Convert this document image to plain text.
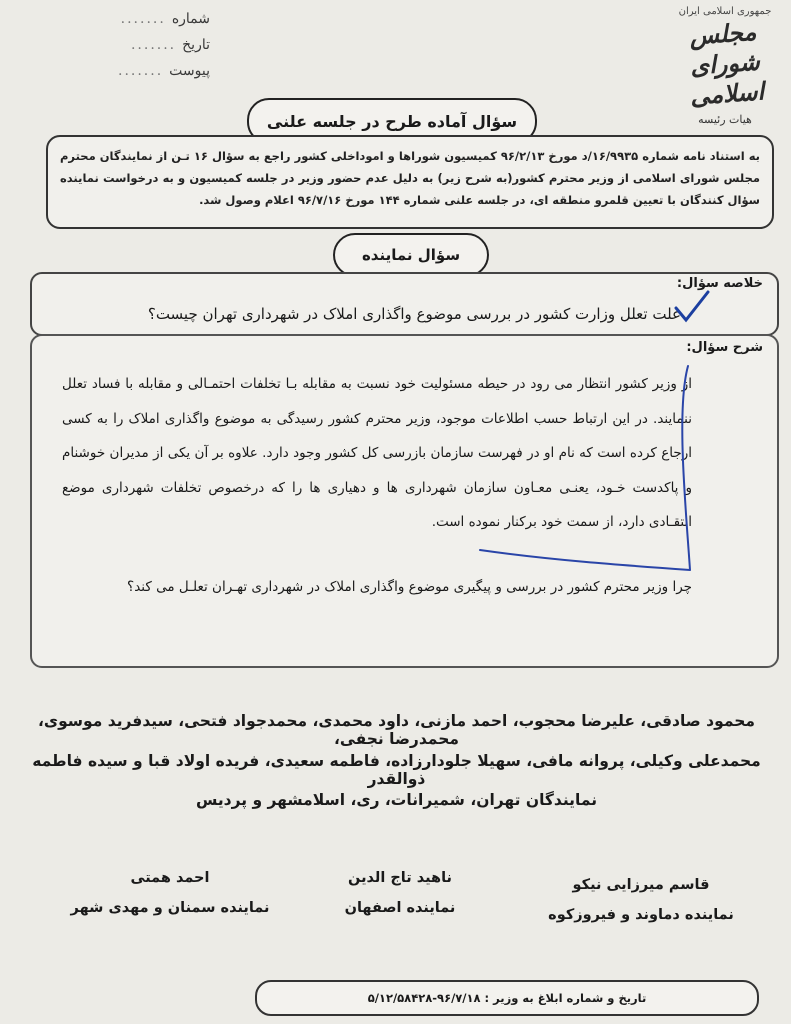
شماره
.......
تاریخ
.......
پیوست
.......
جمهوری اسلامی ایران
مجلس شورای اسلامی
هیات رئیسه
سؤال آماده طرح در جلسه علنی
به استناد نامه شماره ۱۶/۹۹۳۵/د مورخ ۹۶/۲/۱۳ کمیسیون شوراها و اموداخلی کشور راجع به سؤال ۱۶ تـن از نمایندگان محترم مجلس شورای اسلامی از وزیر محترم کشور(به شرح زیر) به دلیل عدم حضور وزیر در جلسه کمیسیون و به درخواست نماینده سؤال کنندگان با تعیین قلمرو منطقه ای، در جلسه علنی شماره ۱۴۴ مورخ ۹۶/۷/۱۶ اعلام وصول شد.
سؤال نماینده
خلاصه سؤال:
علت تعلل وزارت کشور در بررسی موضوع واگذاری املاک در شهرداری تهران چیست؟
شرح سؤال:
از وزیر کشور انتظار می رود در حیطه مسئولیت خود نسبت به مقابله بـا تخلفات احتمـالی و مقابله با فساد تعلل ننمایند. در این ارتباط حسب اطلاعات موجود، وزیر محترم کشور رسیدگی به موضوع واگذاری املاک را به کسی ارجاع کرده است که نام او در فهرست سازمان بازرسی کل کشور وجود دارد. علاوه بر آن یکی از مدیران خوشنام و پاکدست خـود، یعنـی معـاون سازمان شهرداری ها و دهیاری ها را که درخصوص تخلفات شهرداری موضع انتقـادی دارد، از سمت خود برکنار نموده است.
چرا وزیر محترم کشور در بررسی و پیگیری موضوع واگذاری املاک در شهرداری تهـران تعلـل می کند؟
محمود صادقی، علیرضا محجوب، احمد مازنی، داود محمدی، محمدجواد فتحی، سیدفرید موسوی، محمدرضا نجفی،
محمدعلی وکیلی، پروانه مافی، سهیلا جلودارزاده، فاطمه سعیدی، فریده اولاد قبا و سیده فاطمه ذوالقدر
نمایندگان تهران، شمیرانات، ری، اسلامشهر و پردیس
قاسم میرزایی نیکو
نماینده دماوند و فیروزکوه
ناهید تاج الدین
نماینده اصفهان
احمد همتی
نماینده سمنان و مهدی شهر
تاریخ و شماره ابلاغ به وزیر : ۹۶/۷/۱۸-۵/۱۲/۵۸۴۲۸
